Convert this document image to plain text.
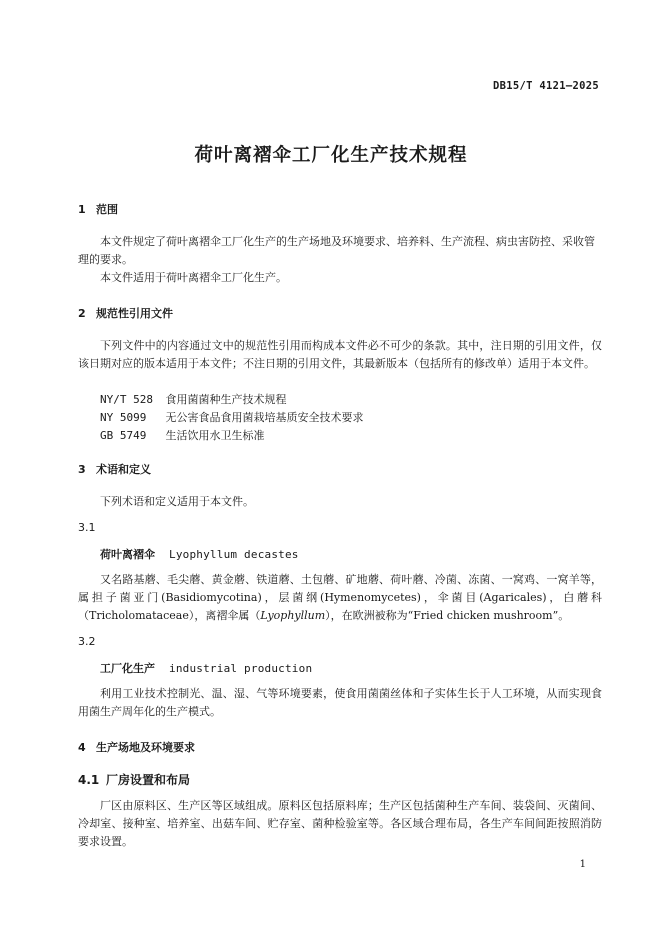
DB15/T 4121—2025
荷叶离褶伞工厂化生产技术规程
1 范围
本文件规定了荷叶离褶伞工厂化生产的生产场地及环境要求、培养料、生产流程、病虫害防控、采收管理的要求。
本文件适用于荷叶离褶伞工厂化生产。
2 规范性引用文件
下列文件中的内容通过文中的规范性引用而构成本文件必不可少的条款。其中，注日期的引用文件，仅该日期对应的版本适用于本文件；不注日期的引用文件，其最新版本（包括所有的修改单）适用于本文件。
NY/T 528 食用菌菌种生产技术规程
NY 5099 无公害食品食用菌栽培基质安全技术要求
GB 5749 生活饮用水卫生标准
3 术语和定义
下列术语和定义适用于本文件。
3.1
荷叶离褶伞 Lyophyllum decastes
又名路基蘑、毛尖蘑、黄金蘑、铁道蘑、土包蘑、矿地蘑、荷叶蘑、冷菌、冻菌、一窝鸡、一窝羊等，属担子菌亚门(Basidiomycotina)，层菌纲(Hymenomycetes)，伞菌目(Agaricales)，白蘑科（Tricholomataceae），离褶伞属（Lyophyllum），在欧洲被称为“Fried chicken mushroom”。
3.2
工厂化生产 industrial production
利用工业技术控制光、温、湿、气等环境要素，使食用菌菌丝体和子实体生长于人工环境，从而实现食用菌生产周年化的生产模式。
4 生产场地及环境要求
4.1 厂房设置和布局
厂区由原料区、生产区等区域组成。原料区包括原料库；生产区包括菌种生产车间、装袋间、灭菌间、冷却室、接种室、培养室、出菇车间、贮存室、菌种检验室等。各区域合理布局，各生产车间间距按照消防要求设置。
1
